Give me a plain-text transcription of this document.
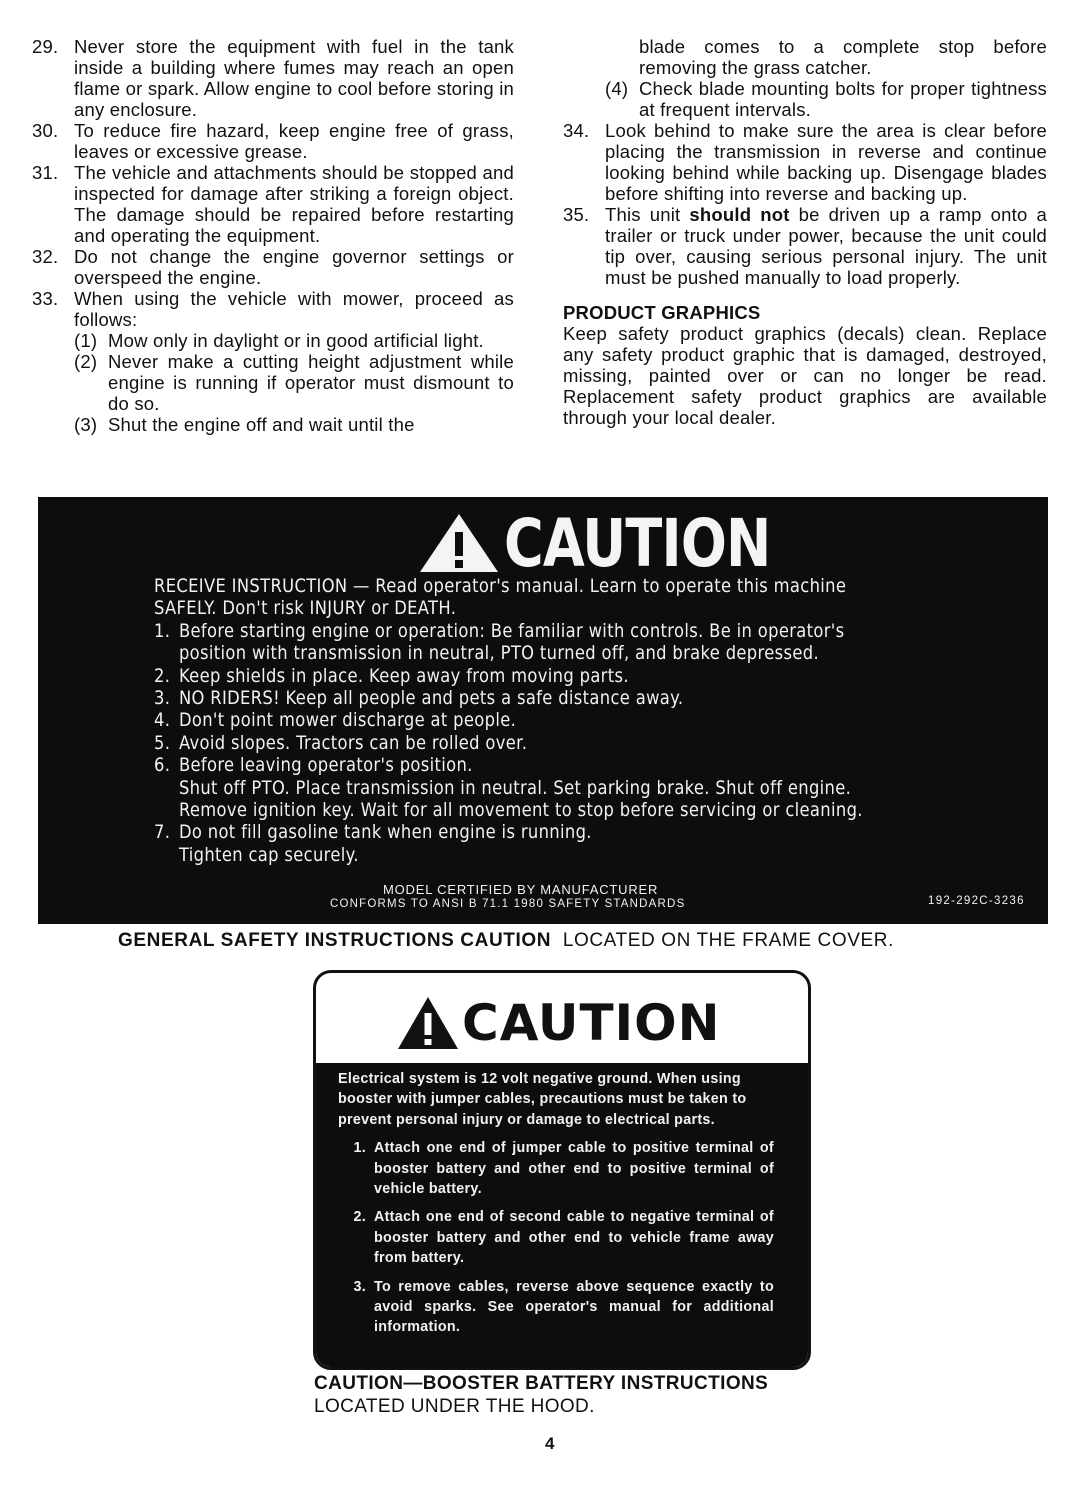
29. Never store the equipment with fuel in the tank inside a building where fumes may reach an open flame or spark. Allow engine to cool before storing in any enclosure.
30. To reduce fire hazard, keep engine free of grass, leaves or excessive grease.
31. The vehicle and attachments should be stopped and inspected for damage after striking a foreign object. The damage should be repaired before restarting and operating the equipment.
32. Do not change the engine governor settings or overspeed the engine.
33. When using the vehicle with mower, proceed as follows:
(1) Mow only in daylight or in good artificial light.
(2) Never make a cutting height adjustment while engine is running if operator must dismount to do so.
(3) Shut the engine off and wait until the
blade comes to a complete stop before removing the grass catcher.
(4) Check blade mounting bolts for proper tightness at frequent intervals.
34. Look behind to make sure the area is clear before placing the transmission in reverse and continue looking behind while backing up. Disengage blades before shifting into reverse and backing up.
35. This unit should not be driven up a ramp onto a trailer or truck under power, because the unit could tip over, causing serious personal injury. The unit must be pushed manually to load properly.
PRODUCT GRAPHICS
Keep safety product graphics (decals) clean. Replace any safety product graphic that is damaged, destroyed, missing, painted over or can no longer be read. Replacement safety product graphics are available through your local dealer.
CAUTION
RECEIVE INSTRUCTION — Read operator's manual. Learn to operate this machine
SAFELY. Don't risk INJURY or DEATH.
1. Before starting engine or operation: Be familiar with controls. Be in operator's
position with transmission in neutral, PTO turned off, and brake depressed.
2. Keep shields in place. Keep away from moving parts.
3. NO RIDERS! Keep all people and pets a safe distance away.
4. Don't point mower discharge at people.
5. Avoid slopes. Tractors can be rolled over.
6. Before leaving operator's position.
Shut off PTO. Place transmission in neutral. Set parking brake. Shut off engine.
Remove ignition key. Wait for all movement to stop before servicing or cleaning.
7. Do not fill gasoline tank when engine is running.
Tighten cap securely.
MODEL CERTIFIED BY MANUFACTURER
CONFORMS TO ANSI B 71.1 1980 SAFETY STANDARDS	192-292C-3236
GENERAL SAFETY INSTRUCTIONS CAUTION LOCATED ON THE FRAME COVER.
CAUTION
Electrical system is 12 volt negative ground. When using booster with jumper cables, precautions must be taken to prevent personal injury or damage to electrical parts.
1. Attach one end of jumper cable to positive terminal of booster battery and other end to positive terminal of vehicle battery.
2. Attach one end of second cable to negative terminal of booster battery and other end to vehicle frame away from battery.
3. To remove cables, reverse above sequence exactly to avoid sparks. See operator's manual for additional information.
CAUTION—BOOSTER BATTERY INSTRUCTIONS
LOCATED UNDER THE HOOD.
4
